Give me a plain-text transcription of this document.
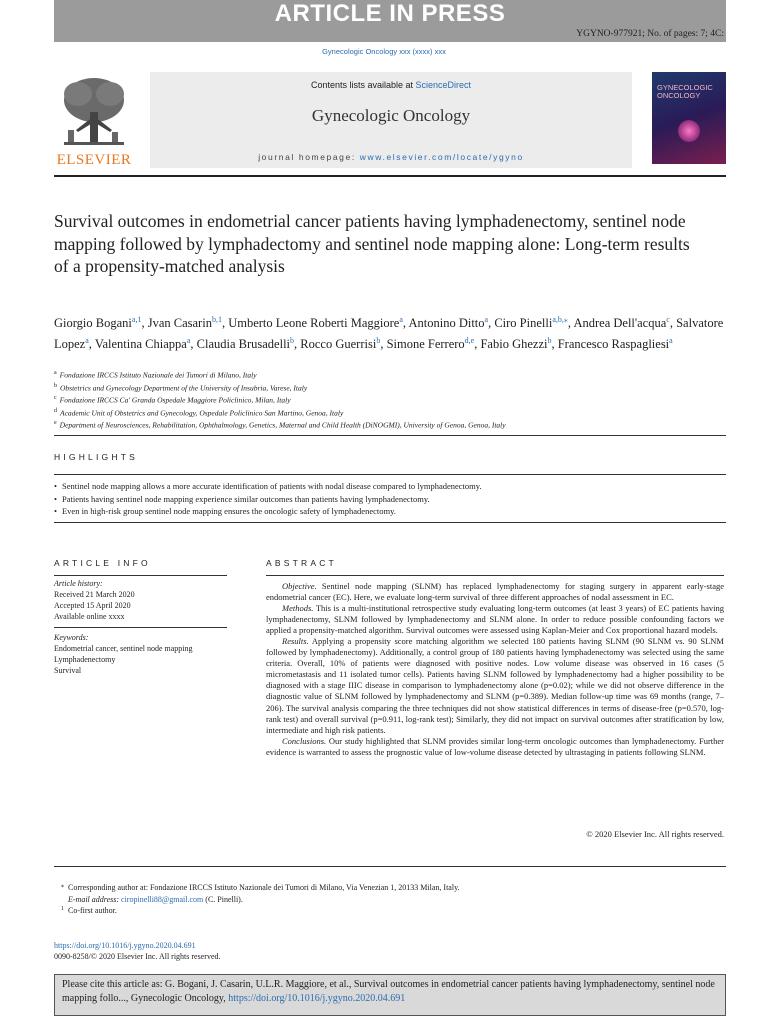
ARTICLE IN PRESS
YGYNO-977921; No. of pages: 7; 4C:
Gynecologic Oncology xxx (xxxx) xxx
ELSEVIER
Contents lists available at ScienceDirect
Gynecologic Oncology
journal homepage: www.elsevier.com/locate/ygyno
GYNECOLOGIC
ONCOLOGY
Survival outcomes in endometrial cancer patients having lymphadenectomy, sentinel node mapping followed by lymphadectomy and sentinel node mapping alone: Long-term results of a propensity-matched analysis
Giorgio Bogani$^{a,1}$, Jvan Casarin$^{b,1}$, Umberto Leone Roberti Maggiore$^a$, Antonino Ditto$^a$, Ciro Pinelli$^{a,b,⁎}$, Andrea Dell'acqua$^c$, Salvatore Lopez$^a$, Valentina Chiappa$^a$, Claudia Brusadelli$^b$, Rocco Guerrisi$^b$, Simone Ferrero$^{d,e}$, Fabio Ghezzi$^b$, Francesco Raspagliesi$^a$
$^a$ Fondazione IRCCS Istituto Nazionale dei Tumori di Milano, Italy
$^b$ Obstetrics and Gynecology Department of the University of Insubria, Varese, Italy
$^c$ Fondazione IRCCS Ca' Granda Ospedale Maggiore Policlinico, Milan, Italy
$^d$ Academic Unit of Obstetrics and Gynecology, Ospedale Policlinico San Martino, Genoa, Italy
$^e$ Department of Neurosciences, Rehabilitation, Ophthalmology, Genetics, Maternal and Child Health (DiNOGMI), University of Genoa, Genoa, Italy
HIGHLIGHTS
• Sentinel node mapping allows a more accurate identification of patients with nodal disease compared to lymphadenectomy.
• Patients having sentinel node mapping experience similar outcomes than patients having lymphadenectomy.
• Even in high-risk group sentinel node mapping ensures the oncologic safety of lymphadenectomy.
ARTICLE INFO
Article history:
Received 21 March 2020
Accepted 15 April 2020
Available online xxxx
Keywords:
Endometrial cancer, sentinel node mapping
Lymphadenectomy
Survival
ABSTRACT

Objective. Sentinel node mapping (SLNM) has replaced lymphadenectomy for staging surgery in apparent early-stage endometrial cancer (EC). Here, we evaluate long-term survival of three different approaches of nodal assessment in EC.

Methods. This is a multi-institutional retrospective study evaluating long-term outcomes (at least 3 years) of EC patients having lymphadenectomy, SLNM followed by lymphadenectomy and SLNM alone. In order to reduce possible confounding factors we applied a propensity-matched algorithm. Survival outcomes were assessed using Kaplan-Meier and Cox proportional hazard models.

Results. Applying a propensity score matching algorithm we selected 180 patients having SLNM (90 SLNM vs. 90 SLNM followed by lymphadenectomy). Additionally, a control group of 180 patients having lymphadenectomy was selected using the same criteria. Overall, 10% of patients were diagnosed with positive nodes. Low volume disease was observed in 16 cases (5 micrometastasis and 11 isolated tumor cells). Patients having SLNM followed by lymphadenectomy had a higher possibility to be diagnosed with a stage IIIC disease in comparison to lymphadenectomy alone (p=0.02); while we did not observe difference in the diagnostic value of SLNM followed by lymphadenectomy and SLNM (p=0.389). Median follow-up time was 69 months (range, 7–206). The survival analysis comparing the three techniques did not show statistical differences in terms of disease-free (p=0.570, log-rank test) and overall survival (p=0.911, log-rank test); Similarly, they did not impact on survival outcomes after stratification by low, intermediate and high risk patients.

Conclusions. Our study highlighted that SLNM provides similar long-term oncologic outcomes than lymphadenectomy. Further evidence is warranted to assess the prognostic value of low-volume disease detected by ultrastaging in patients following SLNM.

© 2020 Elsevier Inc. All rights reserved.
⁎ Corresponding author at: Fondazione IRCCS Istituto Nazionale dei Tumori di Milano, Via Venezian 1, 20133 Milan, Italy.
E-mail address: ciropinelli88@gmail.com (C. Pinelli).
1 Co-first author.
https://doi.org/10.1016/j.ygyno.2020.04.691
0090-8258/© 2020 Elsevier Inc. All rights reserved.
Please cite this article as: G. Bogani, J. Casarin, U.L.R. Maggiore, et al., Survival outcomes in endometrial cancer patients having lymphadenectomy, sentinel node mapping follo..., Gynecologic Oncology, https://doi.org/10.1016/j.ygyno.2020.04.691
